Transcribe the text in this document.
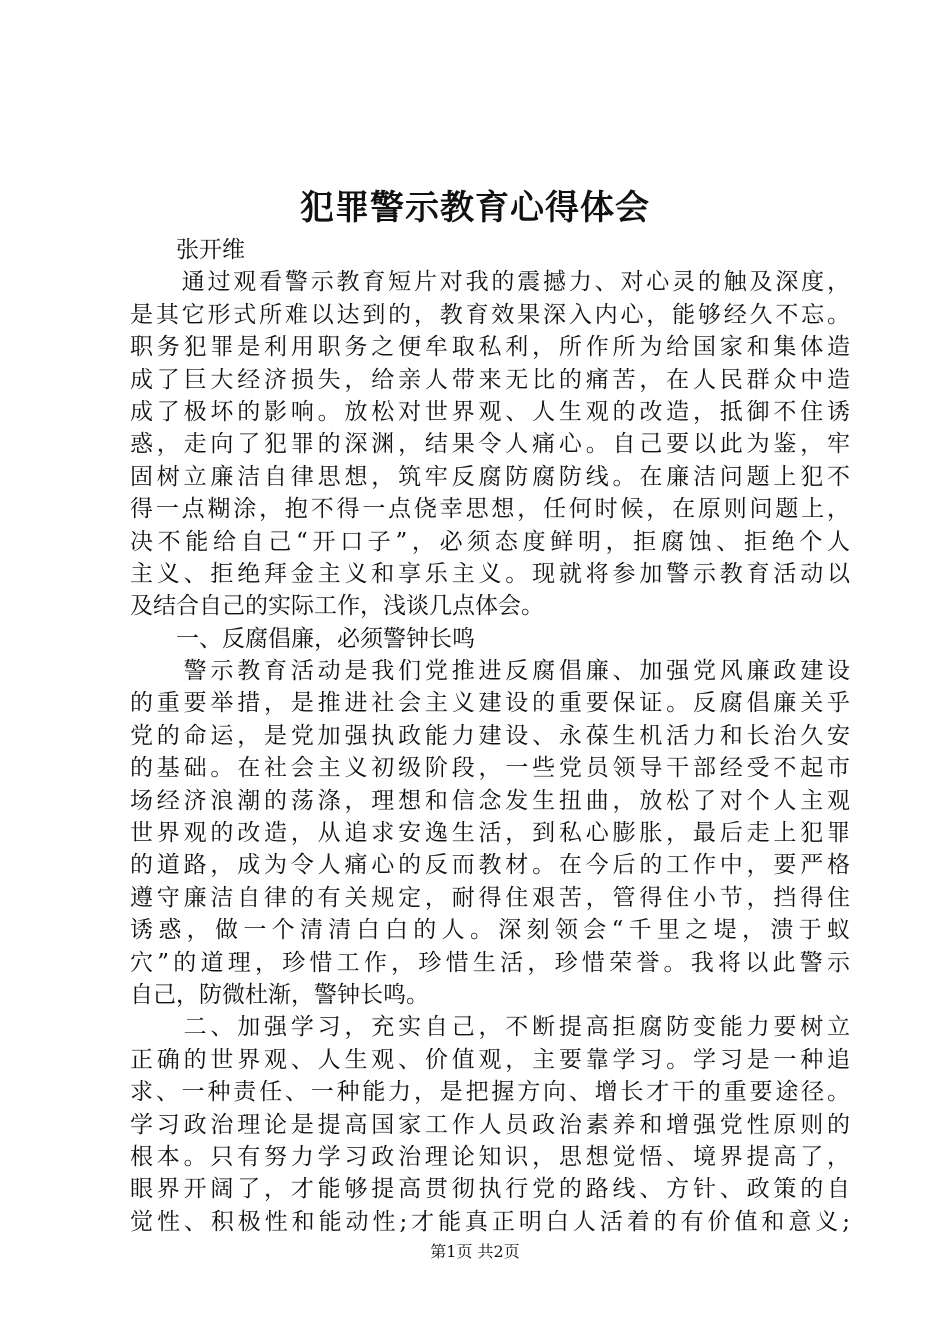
犯罪警示教育心得体会
　　张开维
　　通过观看警示教育短片对我的震撼力、对心灵的触及深度，
是其它形式所难以达到的，教育效果深入内心，能够经久不忘。
职务犯罪是利用职务之便牟取私利，所作所为给国家和集体造
成了巨大经济损失，给亲人带来无比的痛苦，在人民群众中造
成了极坏的影响。放松对世界观、人生观的改造，抵御不住诱
惑，走向了犯罪的深渊，结果令人痛心。自己要以此为鉴，牢
固树立廉洁自律思想，筑牢反腐防腐防线。在廉洁问题上犯不
得一点糊涂，抱不得一点侥幸思想，任何时候，在原则问题上，
决不能给自己“开口子”，必须态度鲜明，拒腐蚀、拒绝个人
主义、拒绝拜金主义和享乐主义。现就将参加警示教育活动以
及结合自己的实际工作，浅谈几点体会。
　　一、反腐倡廉，必须警钟长鸣
　　警示教育活动是我们党推进反腐倡廉、加强党风廉政建设
的重要举措，是推进社会主义建设的重要保证。反腐倡廉关乎
党的命运，是党加强执政能力建设、永葆生机活力和长治久安
的基础。在社会主义初级阶段，一些党员领导干部经受不起市
场经济浪潮的荡涤，理想和信念发生扭曲，放松了对个人主观
世界观的改造，从追求安逸生活，到私心膨胀，最后走上犯罪
的道路，成为令人痛心的反而教材。在今后的工作中，要严格
遵守廉洁自律的有关规定，耐得住艰苦，管得住小节，挡得住
诱惑，做一个清清白白的人。深刻领会“千里之堤，溃于蚁
穴”的道理，珍惜工作，珍惜生活，珍惜荣誉。我将以此警示
自己，防微杜渐，警钟长鸣。
　　二、加强学习，充实自己，不断提高拒腐防变能力要树立
正确的世界观、人生观、价值观，主要靠学习。学习是一种追
求、一种责任、一种能力，是把握方向、增长才干的重要途径。
学习政治理论是提高国家工作人员政治素养和增强党性原则的
根本。只有努力学习政治理论知识，思想觉悟、境界提高了，
眼界开阔了，才能够提高贯彻执行党的路线、方针、政策的自
觉性、积极性和能动性;才能真正明白人活着的有价值和意义;
第1页 共2页
